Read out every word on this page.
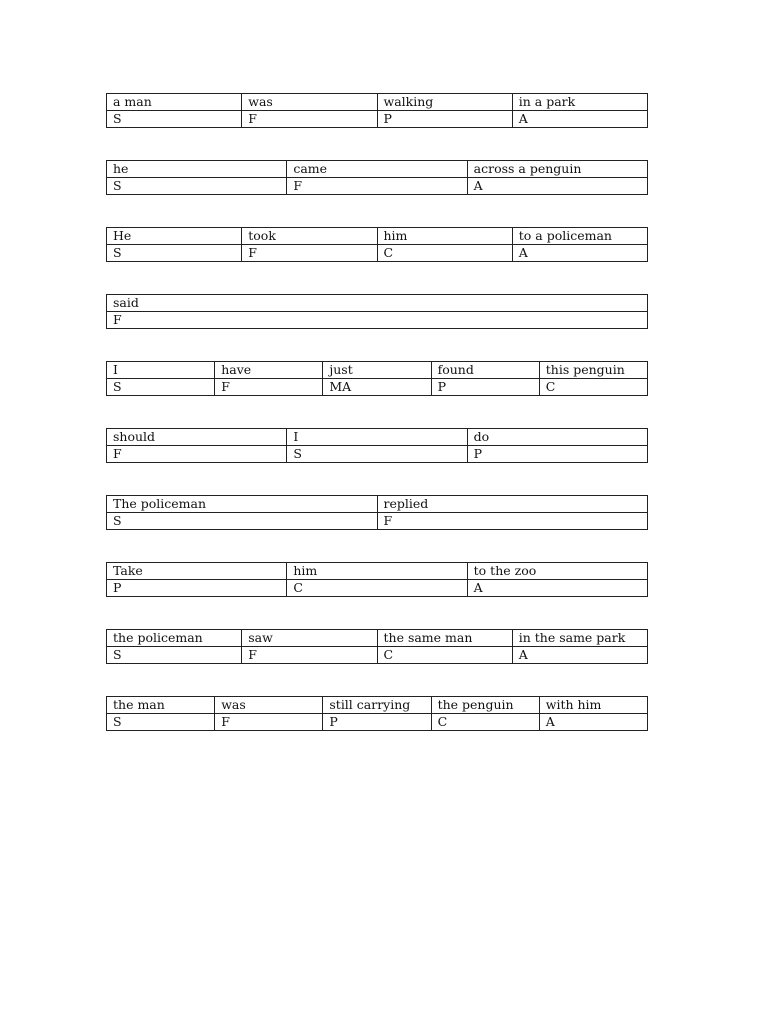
a man	was	walking	in a park
S	F	P	A
he	came	across a penguin
S	F	A
He	took	him	to a policeman
S	F	C	A
said
F
I	have	just	found	this penguin
S	F	MA	P	C
should	I	do
F	S	P
The policeman	replied
S	F
Take	him	to the zoo
P	C	A
the policeman	saw	the same man	in the same park
S	F	C	A
the man	was	still carrying	the penguin	with him
S	F	P	C	A
